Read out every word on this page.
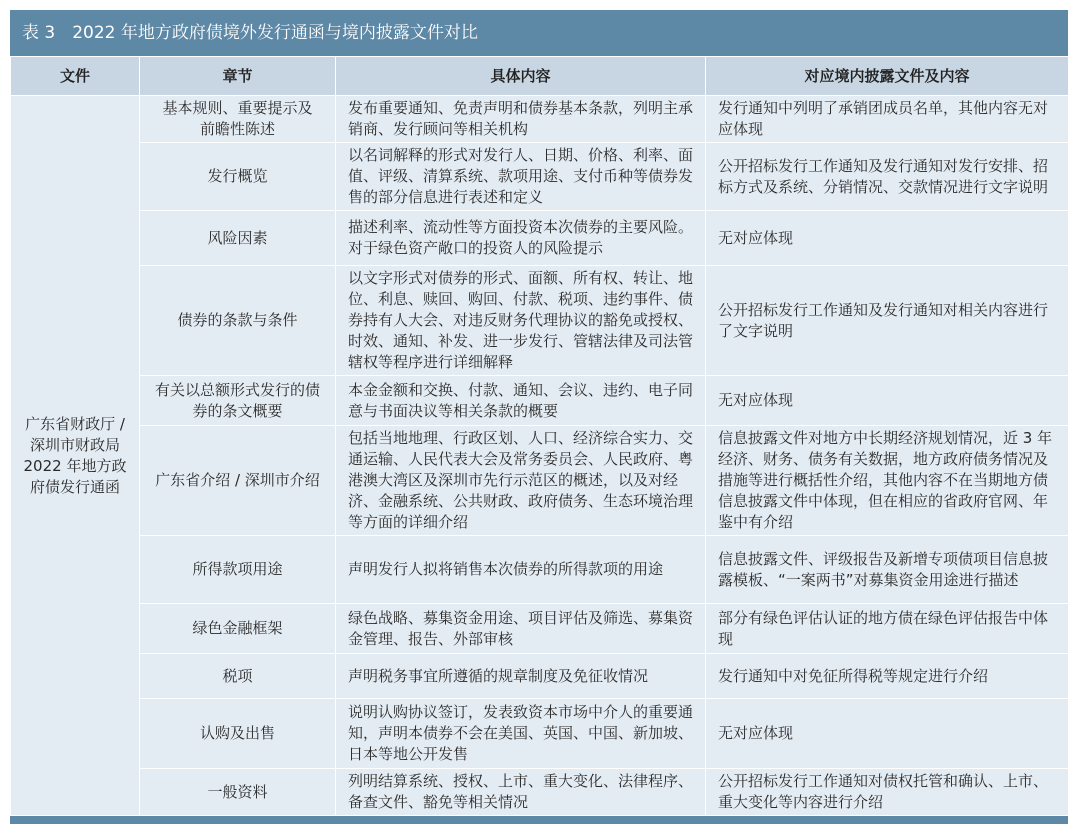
表 3　2022 年地方政府债境外发行通函与境内披露文件对比
文件	章节	具体内容	对应境内披露文件及内容

广东省财政厅 / 深圳市财政局 2022 年地方政府债发行通函	基本规则、重要提示及前瞻性陈述	发布重要通知、免责声明和债券基本条款，列明主承销商、发行顾问等相关机构	发行通知中列明了承销团成员名单，其他内容无对应体现
	发行概览	以名词解释的形式对发行人、日期、价格、利率、面值、评级、清算系统、款项用途、支付币种等债券发售的部分信息进行表述和定义	公开招标发行工作通知及发行通知对发行安排、招标方式及系统、分销情况、交款情况进行文字说明
	风险因素	描述利率、流动性等方面投资本次债券的主要风险。对于绿色资产敞口的投资人的风险提示	无对应体现
	债券的条款与条件	以文字形式对债券的形式、面额、所有权、转让、地位、利息、赎回、购回、付款、税项、违约事件、债券持有人大会、对违反财务代理协议的豁免或授权、时效、通知、补发、进一步发行、管辖法律及司法管辖权等程序进行详细解释	公开招标发行工作通知及发行通知对相关内容进行了文字说明

	有关以总额形式发行的债券的条文概要	本金金额和交换、付款、通知、会议、违约、电子同意与书面决议等相关条款的概要	无对应体现
	广东省介绍 / 深圳市介绍	包括当地地理、行政区划、人口、经济综合实力、交通运输、人民代表大会及常务委员会、人民政府、粤港澳大湾区及深圳市先行示范区的概述，以及对经济、金融系统、公共财政、政府债务、生态环境治理等方面的详细介绍	信息披露文件对地方中长期经济规划情况，近 3 年经济、财务、债务有关数据，地方政府债务情况及措施等进行概括性介绍，其他内容不在当期地方债信息披露文件中体现，但在相应的省政府官网、年鉴中有介绍
	所得款项用途	声明发行人拟将销售本次债券的所得款项的用途	信息披露文件、评级报告及新增专项债项目信息披露模板、“一案两书”对募集资金用途进行描述
	绿色金融框架	绿色战略、募集资金用途、项目评估及筛选、募集资金管理、报告、外部审核	部分有绿色评估认证的地方债在绿色评估报告中体现
	税项	声明税务事宜所遵循的规章制度及免征收情况	发行通知中对免征所得税等规定进行介绍
	认购及出售	说明认购协议签订，发表致资本市场中介人的重要通知，声明本债券不会在美国、英国、中国、新加坡、日本等地公开发售	无对应体现
	一般资料	列明结算系统、授权、上市、重大变化、法律程序、备查文件、豁免等相关情况	公开招标发行工作通知对债权托管和确认、上市、重大变化等内容进行介绍
